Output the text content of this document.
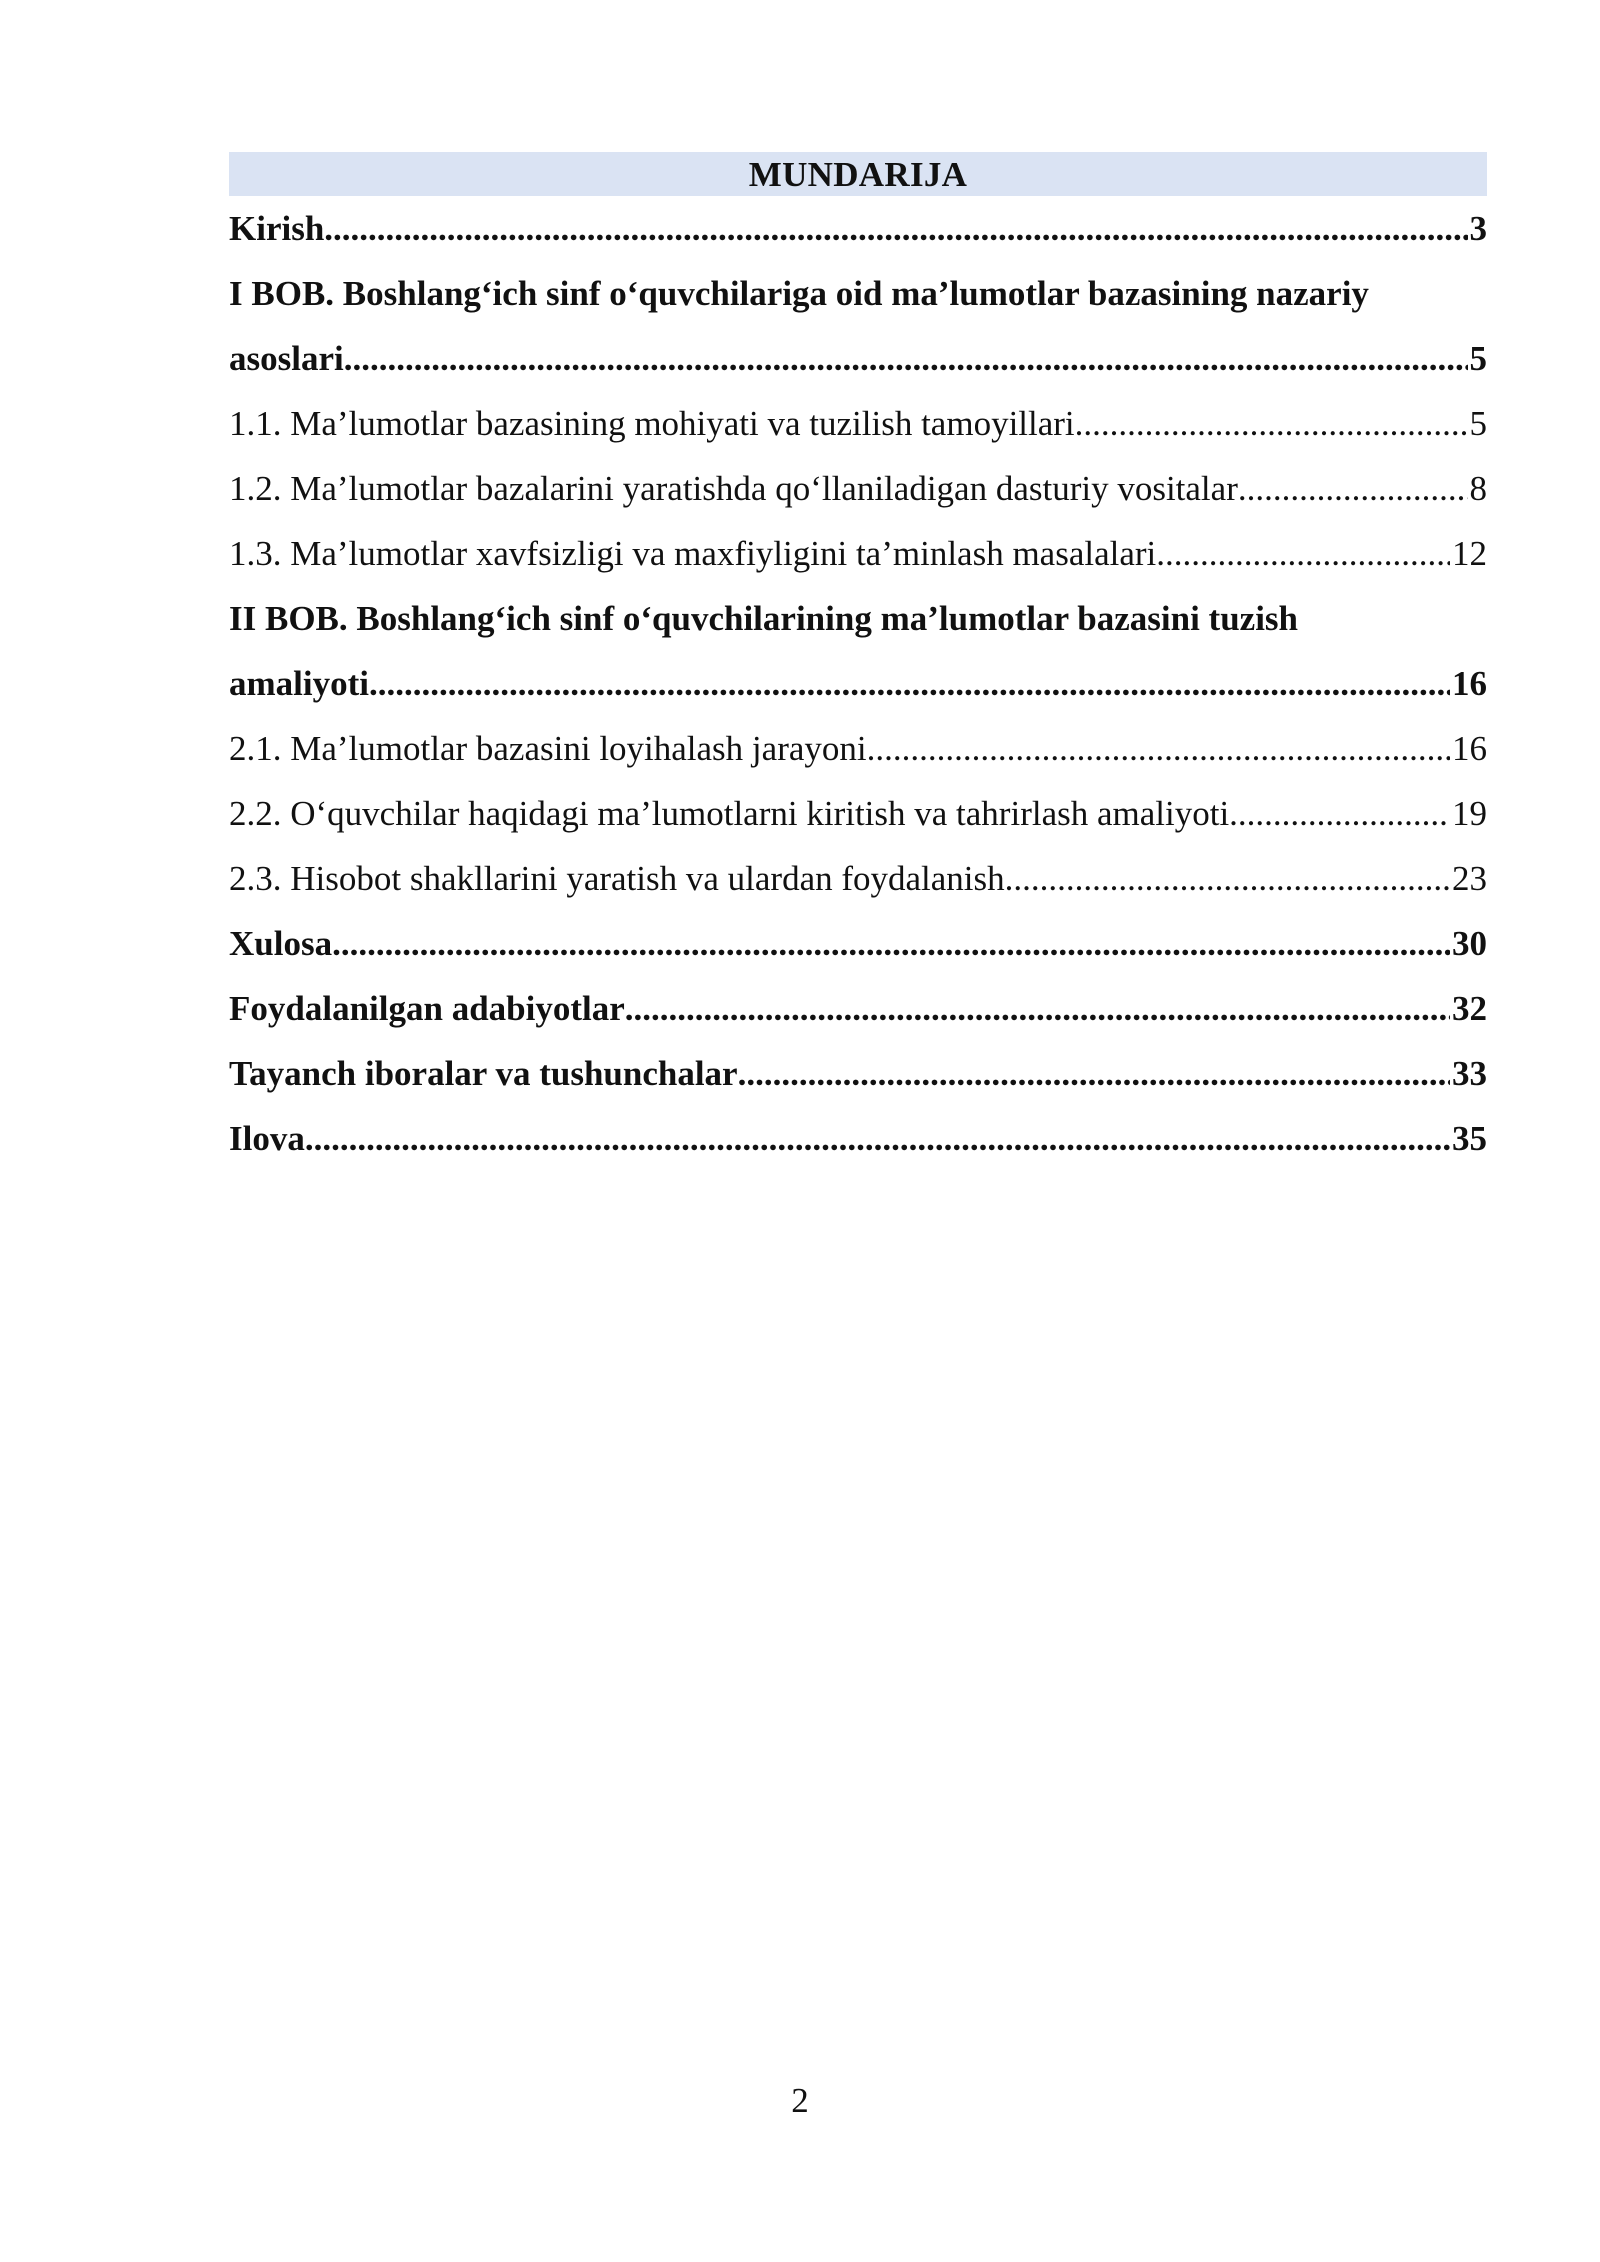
MUNDARIJA
Kirish .....	3
I BOB. Boshlang‘ich sinf o‘quvchilariga oid ma’lumotlar bazasining nazariy
asoslari .....	5
1.1. Ma’lumotlar bazasining mohiyati va tuzilish tamoyillari .....	5
1.2. Ma’lumotlar bazalarini yaratishda qo‘llaniladigan dasturiy vositalar .....	8
1.3. Ma’lumotlar xavfsizligi va maxfiyligini ta’minlash masalalari .....	12
II BOB. Boshlang‘ich sinf o‘quvchilarining ma’lumotlar bazasini tuzish
amaliyoti .....	16
2.1. Ma’lumotlar bazasini loyihalash jarayoni .....	16
2.2. O‘quvchilar haqidagi ma’lumotlarni kiritish va tahrirlash amaliyoti .....	19
2.3. Hisobot shakllarini yaratish va ulardan foydalanish .....	23
Xulosa .....	30
Foydalanilgan adabiyotlar .....	32
Tayanch iboralar va tushunchalar .....	33
Ilova .....	35
2
